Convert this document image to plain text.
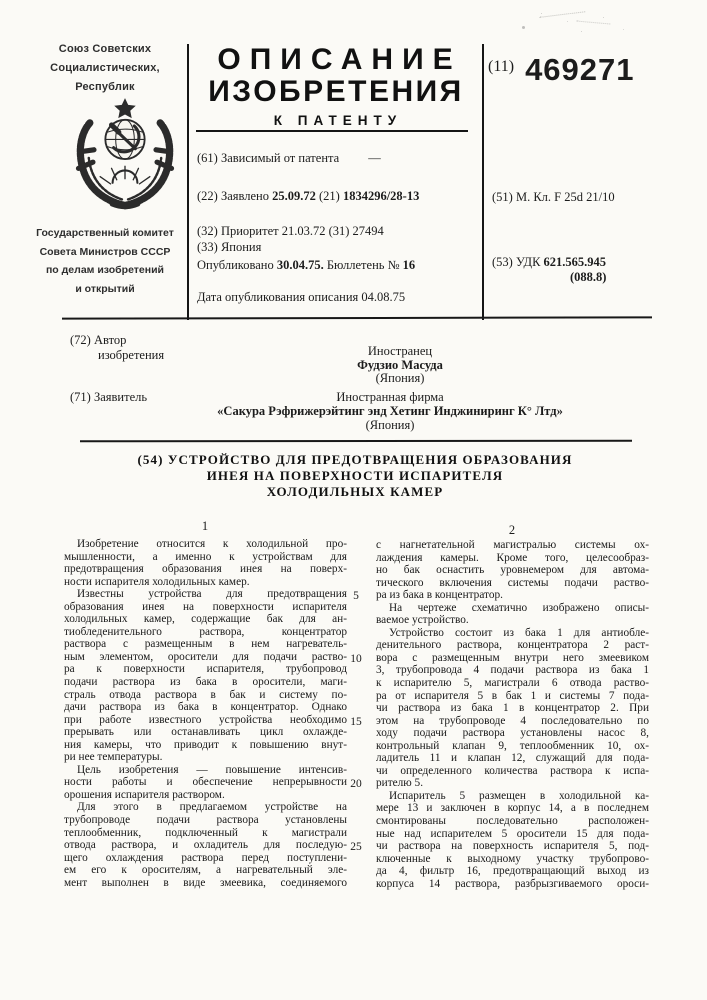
Союз Советских
Социалистических,
Республик
Государственный комитет
Совета Министров СССР
по делам изобретений
и открытий
ОПИСАНИЕ
ИЗОБРЕТЕНИЯ
К ПАТЕНТУ
(11) 469271
(61) Зависимый от патента —
(22) Заявлено 25.09.72 (21) 1834296/28-13
(32) Приоритет 21.03.72 (31) 27494
(33) Япония
Опубликовано 30.04.75. Бюллетень № 16
Дата опубликования описания 04.08.75
(51) М. Кл. F 25d 21/10
(53) УДК 621.565.945
(088.8)
(72) Автор
изобретения	Иностранец
Фудзио Масуда
(Япония)
(71) Заявитель	Иностранная фирма
«Сакура Рэфрижерэйтинг энд Хетинг Инджиниринг К° Лтд»
(Япония)
(54) УСТРОЙСТВО ДЛЯ ПРЕДОТВРАЩЕНИЯ ОБРАЗОВАНИЯ
ИНЕЯ НА ПОВЕРХНОСТИ ИСПАРИТЕЛЯ
ХОЛОДИЛЬНЫХ КАМЕР
1	2
Изобретение относится к холодильной про-
мышленности, а именно к устройствам для
предотвращения образования инея на поверх-
ности испарителя холодильных камер.
Известны устройства для предотвращения
образования инея на поверхности испарителя
холодильных камер, содержащие бак для ан-
тиобледенительного раствора, концентратор
раствора с размещенным в нем нагреватель-
ным элементом, оросители для подачи раство-
ра к поверхности испарителя, трубопровод
подачи раствора из бака в оросители, маги-
страль отвода раствора в бак и систему по-
дачи раствора из бака в концентратор. Однако
при работе известного устройства необходимо
прерывать или останавливать цикл охлажде-
ния камеры, что приводит к повышению внут-
ри нее температуры.
Цель изобретения — повышение интенсив-
ности работы и обеспечение непрерывности
орошения испарителя раствором.
Для этого в предлагаемом устройстве на
трубопроводе подачи раствора установлены
теплообменник, подключенный к магистрали
отвода раствора, и охладитель для последую-
щего охлаждения раствора перед поступлени-
ем его к оросителям, а нагревательный эле-
мент выполнен в виде змеевика, соединяемого
с нагнетательной магистралью системы ох-
лаждения камеры. Кроме того, целесообраз-
но бак оснастить уровнемером для автома-
тического включения системы подачи раство-
ра из бака в концентратор.
На чертеже схематично изображено описы-
ваемое устройство.
Устройство состоит из бака 1 для антиобле-
денительного раствора, концентратора 2 раст-
вора с размещенным внутри него змеевиком
3, трубопровода 4 подачи раствора из бака 1
к испарителю 5, магистрали 6 отвода раство-
ра от испарителя 5 в бак 1 и системы 7 пода-
чи раствора из бака 1 в концентратор 2. При
этом на трубопроводе 4 последовательно по
ходу подачи раствора установлены насос 8,
контрольный клапан 9, теплообменник 10, ох-
ладитель 11 и клапан 12, служащий для пода-
чи определенного количества раствора к испа-
рителю 5.
Испаритель 5 размещен в холодильной ка-
мере 13 и заключен в корпус 14, а в последнем
смонтированы последовательно расположен-
ные над испарителем 5 оросители 15 для пода-
чи раствора на поверхность испарителя 5, под-
ключенные к выходному участку трубопрово-
да 4, фильтр 16, предотвращающий выход из
корпуса 14 раствора, разбрызгиваемого ороси-
5
10
15
20
25
